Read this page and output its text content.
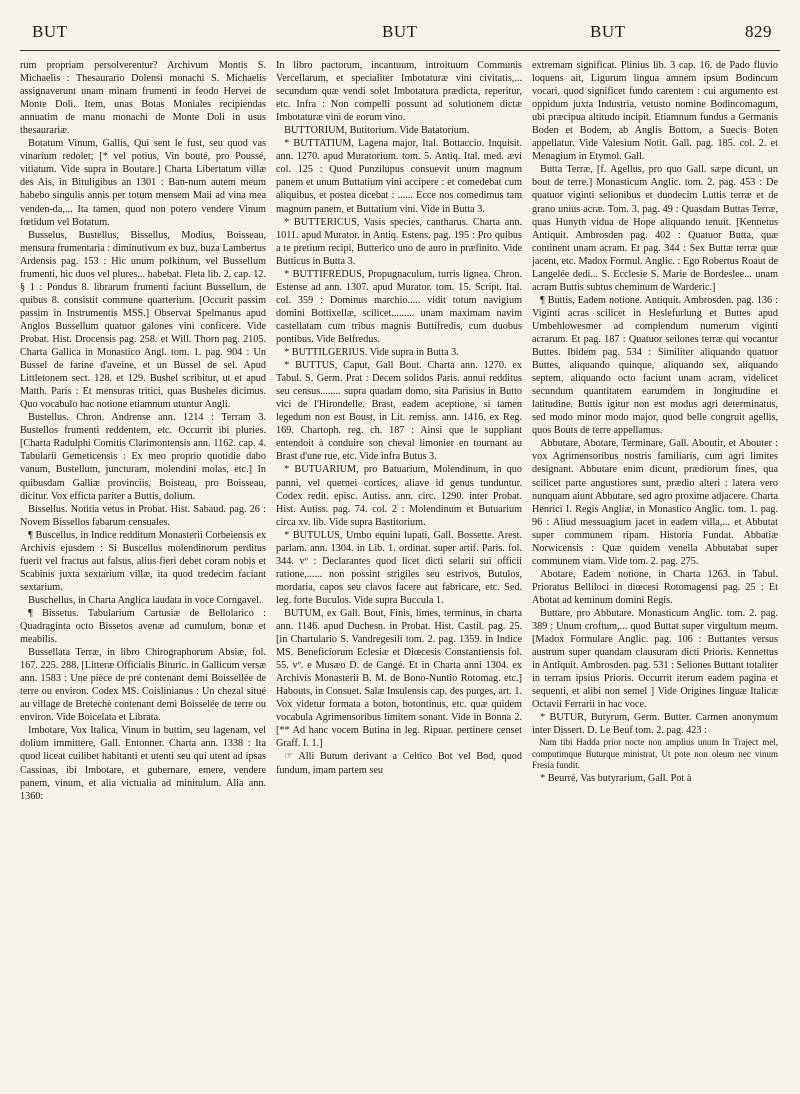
BUT	BUT	BUT	829

rum propriam persolverentur? Archivum Montis S. Michaelis : Thesaurario Dolensi monachi S. Michaelis assignaverunt unam minam frumenti in feodo Hervei de Monte Doli. Item, unas Botas Moniales recipiendas annuatim de manu monachi de Monte Doli in usus thesaurariæ.

Botatum Vinum, Gallis, Qui sent le fust, seu quod vas vinarium redolet; [* vel potius, Vin bouté, pro Poussé, vitiatum. Vide supra in Boutare.] Charta Libertatum villæ des Ais, in Bituligibus an 1301 : Ban-num autem meum habebo singulis annis per totum mensem Maii ad vina mea venden-da,... Ita tamen, quod non potero vendere Vinum fœtidum vel Botatum.

Busselus, Bustellus, Bissellus, Modius, Boisseau, mensura frumentaria : diminutivum ex buz, buza Lambertus Ardensis pag. 153 : Hic unum polkinum, vel Bussellum frumenti, hic duos vel plures... habebat. Fleta lib. 2. cap. 12. § 1 : Pondus 8. librarum frumenti faciunt Bussellum, de quibus 8. consistit commune quarterium. [Occurit passim passim in Instrumentis MSS.] Observat Spelmanus apud Anglos Bussellum quatuor galones vini conficere. Vide Probat. Hist. Drocensis pag. 258. et Will. Thorn pag. 2105. Charta Gallica in Monastico Angl. tom. 1. pag. 904 : Un Bussel de farine d'aveine, et un Bussel de sel. Apud Littletonem sect. 128. et 129. Bushel scribitur, ut et apud Matth. Paris : Et mensuras tritici, quas Busheles dicimus. Quo vocabulo hac notione etiamnum utuntur Angli.

Bustellus. Chron. Andrense ann. 1214 : Terram 3. Bustellos frumenti reddentem, etc. Occurrit ibi pluries. [Charta Radulphi Comitis Clarimontensis ann. 1162. cap. 4. Tabularii Gemeticensis : Ex meo proprio quotidie dabo vanum, Bustellum, juncturam, molendini molas, etc.] In quibusdam Galliæ provinciis, Boisteau, pro Boisseau, dicitur. Vox efficta pariter a Buttis, dolium.

Bissellus. Notitia vetus in Probat. Hist. Sabaud. pag. 26 : Novem Bissellos fabarum censuales.

¶ Buscellus, in Indice redditum Monasterii Corbeiensis ex Archivis ejusdem : Si Buscellus molendinorum perditus fuerit vel fractus aut falsus, alius fieri debet coram nobis et Scabinis juxta sextarium villæ, ita quod tredecim faciant sextarium.

Buschellus, in Charta Anglica laudata in voce Corngavel.

¶ Bissetus. Tabularium Cartusiæ de Bellolarico : Quadraginta octo Bissetos avenæ ad cumulum, bonæ et meabilis.

Bussellata Terræ, in libro Chirographorum Absiæ, fol. 167. 225. 288. [Litteræ Officialis Bituric. in Gallicum versæ ann. 1583 : Une pièce de pré contenant demi Boissellée de terre ou environ. Codex MS. Coislinianus : Un chezal situé au village de Bretechè contenant demi Boisselée de terre ou environ. Vide Boicelata et Librata.

Imbotare, Vox Italica, Vinum in buttim, seu lagenam, vel dolium immittere, Gall. Entonner. Charta ann. 1338 : Ita quod liceat cuilibet habitanti et utenti seu qui utent ad ipsas Cassinas, ibi Imbotare, et gubernare, emere, vendere panem, vinum, et alia victualia ad minitulum. Alia ann. 1360:

In libro pactorum, incantuum, introituum Communis Vercellarum, et specialiter Imbotaturæ vini civitatis,... secundum quæ vendi solet Imbotatura prædicta, reperitur, etc. Infra : Non compelli possunt ad solutionem dictæ Imbotaturæ vini de eorum vino.

BUTTORIUM, Butitorium. Vide Batatorium.

* BUTTATIUM, Lagena major, Ital. Bottaccio. Inquisit. ann. 1270. apud Muratorium. tom. 5. Antiq. Ital. med. ævi col. 125 : Quod Punzilupus consuevit unum magnum panem et unum Buttatium vini accipere : et comedebat cum aliquibus, et postea dicebat : ...... Ecce nos comedimus tam magnum panem, et Buttatium vini. Vide in Butta 3.

* BUTTERICUS, Vasis species, cantharus. Charta ann. 1011. apud Murator. in Antiq. Estens. pag. 195 : Pro quibus a te pretium recipi, Butterico uno de auro in præfinito. Vide Butticus in Butta 3.

* BUTTIFREDUS, Propugnaculum, turris lignea. Chron. Estense ad ann. 1307. apud Murator. tom. 15. Script. Ital. col. 359 : Dominus marchio..... vidit totum navigium domini Bottixellæ, scilicet......... unam maximam navim castellatam cum tribus magnis Buttifredis, cum duobus pontibus. Vide Belfredus.

* BUTTILGERIUS. Vide supra in Butta 3.

* BUTTUS, Caput, Gall Bout. Charta ann. 1270. ex Tabul. S. Germ. Prat : Decem solidos Paris. annui redditus seu census........ supra quadam domo, sita Parisius in Butto vici de l'Hirondelle. Brast, eadem aceptione, si tamen legedum non est Boust, in Lit. remiss. ann. 1416. ex Reg. 169. Chartoph. reg. ch. 187 : Ainsi que le suppliant entendoit à conduire son cheval limonier en tournant au Brast d'une rue, etc. Vide infra Butus 3.

* BUTUARIUM, pro Batuarium, Molendinum, in quo panni, vel quernei cortices, aliave id genus tunduntur. Codex redit. episc. Autiss. ann. circ. 1290. inter Probat. Hist. Autiss. pag. 74. col. 2 : Molendinum et Butuarium circa xv. lib. Vide supra Bastitorium.

* BUTULUS, Umbo equini lupati, Gall. Bossette. Arest. parlam. ann. 1304. in Lib. 1. ordinat. super artif. Paris. fol. 344. vº : Declarantes quod licet dicti selarii sui officii ratione,...... non possint strigiles seu estrivos, Butulos, mordaria, capos seu clavos facere aut fabricare, etc. Sed. leg. forte Buculos. Vide supra Buccula 1.

BUTUM, ex Gall. Bout, Finis, limes, terminus, in charta ann. 1146. apud Duchesn. in Probat. Hist. Castil. pag. 25. [in Chartulario S. Vandregesili tom. 2. pag. 1359. in Indice MS. Beneficiorum Eclesiæ et Diœcesis Constantiensis fol. 55. vº. e Musæo D. de Cangé. Et in Charta anni 1304. ex Archivis Monasterii B. M. de Bono-Nuntio Rotomag. etc.] Habouts, in Consuet. Salæ Insulensis cap. des purges, art. 1. Vox videtur formata a boton, botontinus, etc. quæ quidem vocabula Agrimensoribus limitem sonant. Vide in Bonna 2. [** Ad hanc vocem Butina in leg. Ripuar. pertinere censet Graff. I. 1.]

☞ Alli Butum derivant a Celtico Bot vel Bod, quod fundum, imam partem seu

extremam significat. Plinius lib. 3 cap. 16. de Pado fluvio loquens ait, Ligurum lingua amnem ipsum Bodincum vocari, quod significet fundo carentem : cui argumento est oppidum juxta Industria, vetusto nomine Bodincomagum, ubi præcipua altitudo incipit. Etiamnum fundus a Germanis Boden et Bodem, ab Anglis Bottom, a Suecis Boten appellatur. Vide Valesium Notit. Gall. pag. 185. col. 2. et Menagium in Etymol. Gall.

Butta Terræ, [f. Agellus, pro quo Gall. sæpe dicunt, un bout de terre.] Monasticum Anglic. tom. 2. pag. 453 : De quatuor viginti selionibus et duodecim Luttis terræ et de grano unius acræ. Tom. 3. pag. 49 : Quasdam Buttas Terræ, quas Hunyth vidua de Hope aliquando tenuit. [Kennetus Antiquit. Ambrosden pag. 402 : Quatuor Butta, quæ continent unam acram. Et pag. 344 : Sex Buttæ terræ quæ jacent, etc. Madox Formul. Anglic. : Ego Robertus Roaut de Langelée dedi... S. Ecclesie S. Marie de Bordeslee... unam acram Buttis subtus cheminum de Warderic.]

¶ Buttis, Eadem notione. Antiquit. Ambrosden. pag. 136 : Viginti acras scilicet in Heslefurlung et Buttes apud Umbehlowesmer ad complendum numerum viginti acrarum. Et pag. 187 : Quatuor seilones terræ qui vocantur Buttes. Ibidem pag. 534 : Similiter aliquando quatuor Buttes, aliquando quinque, aliquando sex, aliquando septem, aliquando octo faciunt unam acram, videlicet secundum quantitatem earumdem in longitudine et latitudine. Buttis igitur non est modus agri determinatus, sed modo minor modo major, quod belle congruit agellis, quos Bouts de terre appellamus.

Abbutare, Abotare, Terminare, Gall. Aboutir, et Abouter : vox Agrimensoribus nostris familiaris, cum agri limites designant. Abbutare enim dicunt, prædiorum fines, qua scilicet parte angustiores sunt, prædio alteri : latera vero nunquam aiunt Abbutare, sed agro proxime adjacere. Charta Henrici I. Regis Angliæ, in Monastico Anglic. tom. 1. pag. 96 : Aliud messuagium jacet in eadem villa,... et Abbutat super communem ripam. Historia Fundat. Abbatiæ Norwicensis : Quæ quidem venella Abbutabat super communem viam. Vide tom. 2. pag. 275.

Abotare, Eadem notione, in Charta 1263. in Tabul. Prioratus Belliloci in diœcesi Rotomagensi pag. 25 : Et Abotat ad keminum domini Regis.

Buttare, pro Abbutare. Monasticum Anglic. tom. 2. pag. 389 : Unum croftum,... quod Buttat super virgultum meum. [Madox Formulare Anglic. pag. 106 : Buttantes versus austrum super quandam clausuram dicti Prioris. Kennettus in Antiquit. Ambrosden. pag. 531 : Seliones Buttant totaliter in terram ipsius Prioris. Occurrit iterum eadem pagina et sequenti, et alibi non semel ] Vide Origines linguæ Italicæ Octavii Ferrarii in hac voce.

* BUTUR, Butyrum, Germ. Butter. Carmen anonymum inter Dissert. D. Le Beuf tom. 2. pag. 423 :

Nam tibi Hadda prior nocte non amplius unum In Traject mel, computimque Buturque ministrat, Ut pote non oleum nec vinum Fresia fundit.

* Beurré, Vas butyrarium, Gall. Pot à
